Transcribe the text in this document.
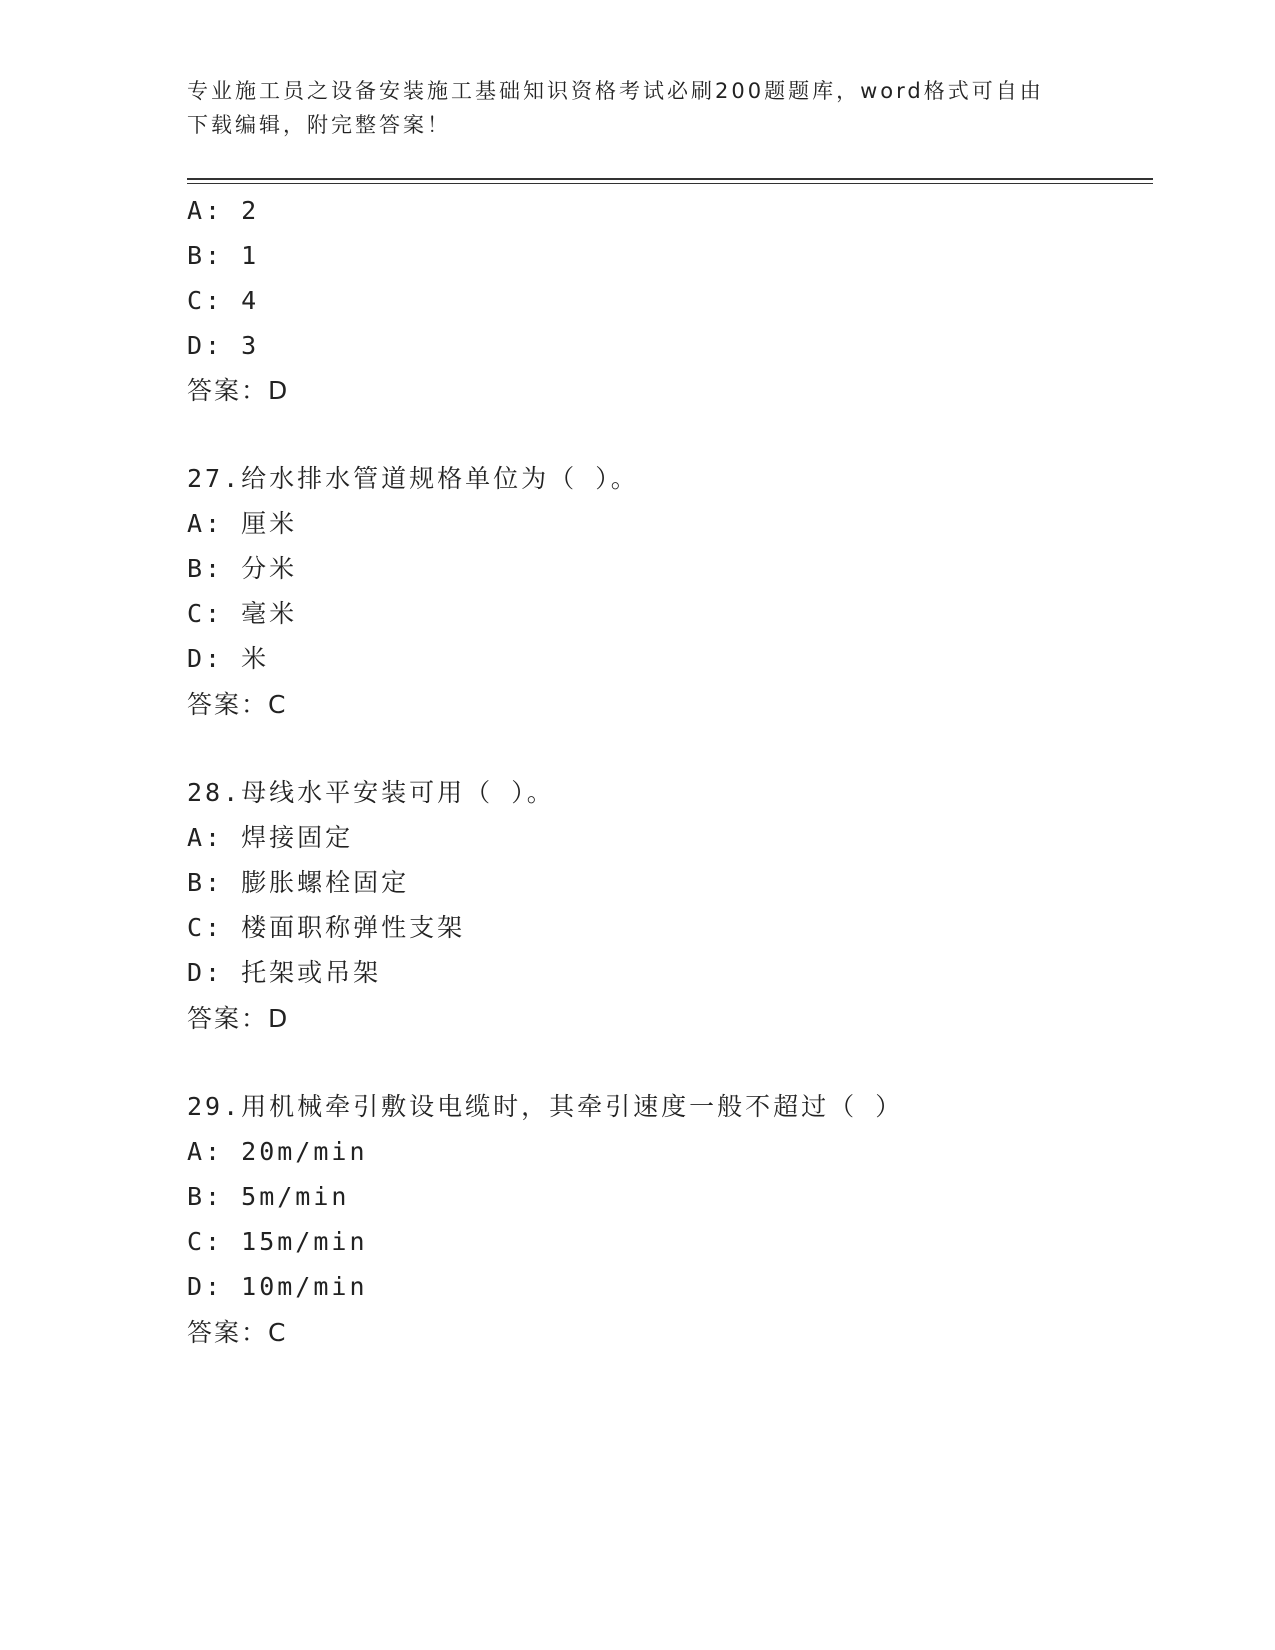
专业施工员之设备安装施工基础知识资格考试必刷200题题库，word格式可自由
下载编辑，附完整答案！
A: 2
B: 1
C: 4
D: 3
答案：D
27.给水排水管道规格单位为（ ）。
A: 厘米
B: 分米
C: 毫米
D: 米
答案：C
28.母线水平安装可用（ ）。
A: 焊接固定
B: 膨胀螺栓固定
C: 楼面职称弹性支架
D: 托架或吊架
答案：D
29.用机械牵引敷设电缆时，其牵引速度一般不超过（ ）
A: 20m/min
B: 5m/min
C: 15m/min
D: 10m/min
答案：C
